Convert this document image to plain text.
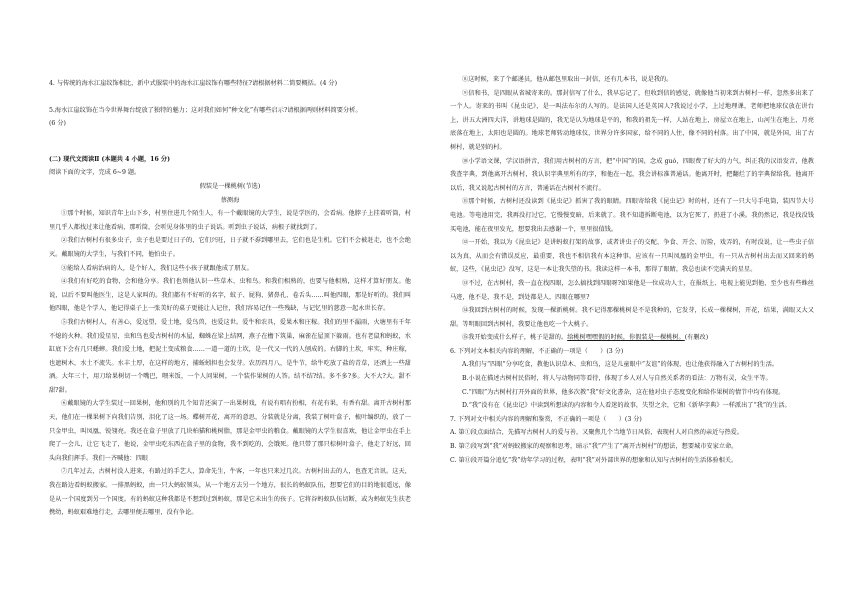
4. 与传统的海水江崖纹饰相比，新中式服装中的海水江崖纹饰有哪些特征?请根据材料二简要概括。(4 分)

5.海水江崖纹饰在当今世界舞台绽放了独特的魅力；这对我们如何“种文化”有哪些启示?请根据两则材料简要分析。

(6 分)

(二) 现代文阅读Ⅱ (本题共 4 小题，16 分)

阅读下面的文字，完成 6~9 题。

假装是一棵桃树(节选)

蔡测海

①那个时候，知识青年上山下乡，村里住进几个陌生人，有一个戴眼镜的大学生，说是学医的，会看病。他脖子上挂着听筒，村里几乎人都找过来让他看病，那听筒，会听见身体里的虫子说话。听到虫子说话，病根子就找到了。

②我们古树村有很多虫子，虫子也是要过日子的，它们兴旺，日子就不孬到哪里去，它们也是生机。它们不会被赶走，也不会绝灭。戴眼镜的大学生，与我们不同，他怕虫子。

③能给人看病治病的人，是个好人，我们这些小孩子就跟他成了朋友。

④我们有好吃的食物，会和他分享。我们也领他认识一些草木、虫和鸟。和我们相熟的，也要与他相熟，这样才算好朋友。他说，以后不要叫他医生，这是人家叫的。我们都有不好听的名字，蚊子、屁狗、猪鼻孔、卷舌头……叫他四眼，那是好听的。我们叫他四眼，他是个学人，他记得桌子上一张美好的桌子更能让人记住，我们容易记住一些残缺，与记忆里的慈意一起永世长存。

⑤我们古树村人，有善心，爱远望，爱土地，爱鸟兽，也爱这世。爱牛和农具，爱果木和庄稼。我们的里不漏雨，火塘里有千年不熄的火种。我们爱星星，虫和鸟也爱古树村的木屋，蜘蛛在梁上结网，燕子在檐下筑巢，麻雀在屋顶下躲雨。也有老鼠和蚂蚁，水缸底下会有几只蟋蟀。我们爱土地，把泥土变成粮食……一道一道的土坎，是一代又一代的人刨成的。右脚的土坎，牢实，种庄稼，也遮树木，水土不流失。水丰土厚，在这样的地方，捕蚯蚓担也会发芽。农历四月八，是牛节，给牛吃放了盐的青草，还洒上一些甜酒。大年三十，用刀给果树切一个嘴巴，喂米饭，一个人问果树，一个装作果树的人答。结不结?结。多不多?多。大不大?大。甜不甜?甜。

⑥戴眼镜的大学生装过一回果树，他和别的几个知青还演了一出果树戏，有说有唱有扮相，有花有果，有香有甜。离开古树村那天，他们在一棵果树下向我们告别，泪化了这一场。蝶树开花，离开的意思，分装就是分离，我装了树叶盒子，梳叶编织的，放了一只金甲虫，叫凤凰，锐翎亮。我还在盒子里放了几块柏猫和桃树脂，那是金甲虫的粮食。戴眼镜的大学生很喜欢，他让金甲虫在手上爬了一会儿，让它飞走了，他说，金甲虫吃东西在盒子里的食物，我不到吃的，会饿死。他只带了那只棕树叶盒子，他走了好远，回头向我们挥手。我们一齐喊他：四眼

⑦几年过去，古树村没人进来，有路过的手艺人，算命先生，牛客，一年也只来过几次。古树村出去的人，也查无音讯。这天，我在路边看蚂蚁搬家。一排黑蚂蚁，由一只大蚂蚁领头，从一个地方去另一个地方，很长的蚂蚁队伍，想要它们的目的地很遥远，像是从一个国度到另一个国度。有的蚂蚁这种我都是不想到过到蚂蚁，那是它未出生的孩子。它将谷蚂蚁队伍切断，或为蚂蚁先生扶老携幼，蚂蚁艰难地行走，去哪里便去哪里，没有争论。

⑧这时候，来了个邮递员，他从邮包里取出一封信，还有几本书，说是我的。

⑨信和书，是四眼从省城寄来的。那封信写了什么，我早忘记了，但收到信的感觉，就像他当初来到古树村一样，忽然多出来了一个人。寄来的书叫《昆虫记》，是一叫法布尔的人写的。是法国人还是英国人?我说过小学，上过地理课，老师把地球仪放在讲台上，讲五大洲四大洋，讲地球是圆的，我无是认为地球是平的，和我的祖先一样，人站在地上，房屋立在地上，山河生在地上，月亮底落在地上，太阳也是圆的。地球老师转动地球仪，世界分许多国家，给不同的人住，像不同的村落。出了中国，就是外国，出了古树村，就是别的村。

⑩小学语文课，学汉语拼音，我们用古树村的方言，把“中国”的国，念成 guó，四眼费了好大的力气，纠正我的汉语发音，他教我查字典，到他离开古树村，我认识字典里所有的字，和他在一起，我会讲标准普通话。他离开时，把翻烂了的字典留给我。他离开以后，我又说起古树村的方言，普通话在古树村不流行。

⑪那个时候，古树村还没读到《昆虫记》抓害了我的眼睛。四眼寄给我《昆虫记》时的村，还有了一只大号手电筒，装四节大号电池。等电池用完，我再没打过它，它慢慢变暗，后来就了。我不知道拆断电池，以为它死了，扔进了小溪。我仍然记，我是找没钱买电池，能在夜里发光，想要我出去感谢一个，里里很值钱。

⑫一开始，我以为《昆虫记》是讲蚂蚁打架的故事，或者讲虫子的交配、争食、开会、厉险，戏弄的，有时没说，让一些虫子信以为真，从而会有错误反应，最重要，我也不相信我有本这种事。应该有一只叫凤凰的金甲虫，有一只从古树村出去而又回来的蚂蚁，这些，《昆虫记》没写，这是一本让我失望的书。我读这样一本书，那得了眼睛，我总也读不完满天的星星。

⑬不过，在古树村，我一直在找四眼，怎么搞找到四眼呀?如果他是一位成功人士，在报纸上、电视上能见到他，至少也有些蛛丝马迹，他不是，我不是，到处都是人，四眼在哪里?

⑭我回到古树村的时候，发现一棵新桃树。我不记得那棵桃树是不是我种的，它发芽，长成一棵棵树，开花，结果，满眼又大又甜。等明眼回到古树村，我要让他也吃一个大桃子。

⑮我开始变成什么样子，桃子是甜的。给桃树嘿嘿假的时候，你假装是一棵桃树。(有删改)

6. 下列对文本相关内容的理解，不正确的一项是（　　）(3 分)

A.我们与“四眼”分享吃食，教他认识草木、虫和鸟，这是儿童眼中“友谊”的体现，也让他获得融入了古树村的生活。

B.小说在描述古树村民俗时，将人与动物同等看待，体现了乡人对人与自然关系者的看法：万物有灵，众生平等。

C.“四眼”为古树村打开外面的世界，他多次教“我”好文化書杂，这在他对虫子态度变化和给作果树的情节中均有体现。

D.“我”没有在《昆虫记》中读到所想读的内容和令人看迷的故事，失望之余，它和《新华字典》一样派出了“我”的生活。

7. 下列对文中相关内容的理解和鉴赏，不正确的一项是（　　）(3 分)

A. 第①段点面结合，先描写古树村人的爱与善，又聚焦几个当地节日风俗，表现村人对自然的亲近与热爱。

B. 第⑦段写到“我”对蚂蚁搬家的观察和思考，暗示“我”产生了“离开古树村”的想法，想要城市安家立命。

C. 第⑪段开篇分追忆“我”幼年学习的过程，表明“我”对外部世界的想象和认知与古树村的生活体验相关。
